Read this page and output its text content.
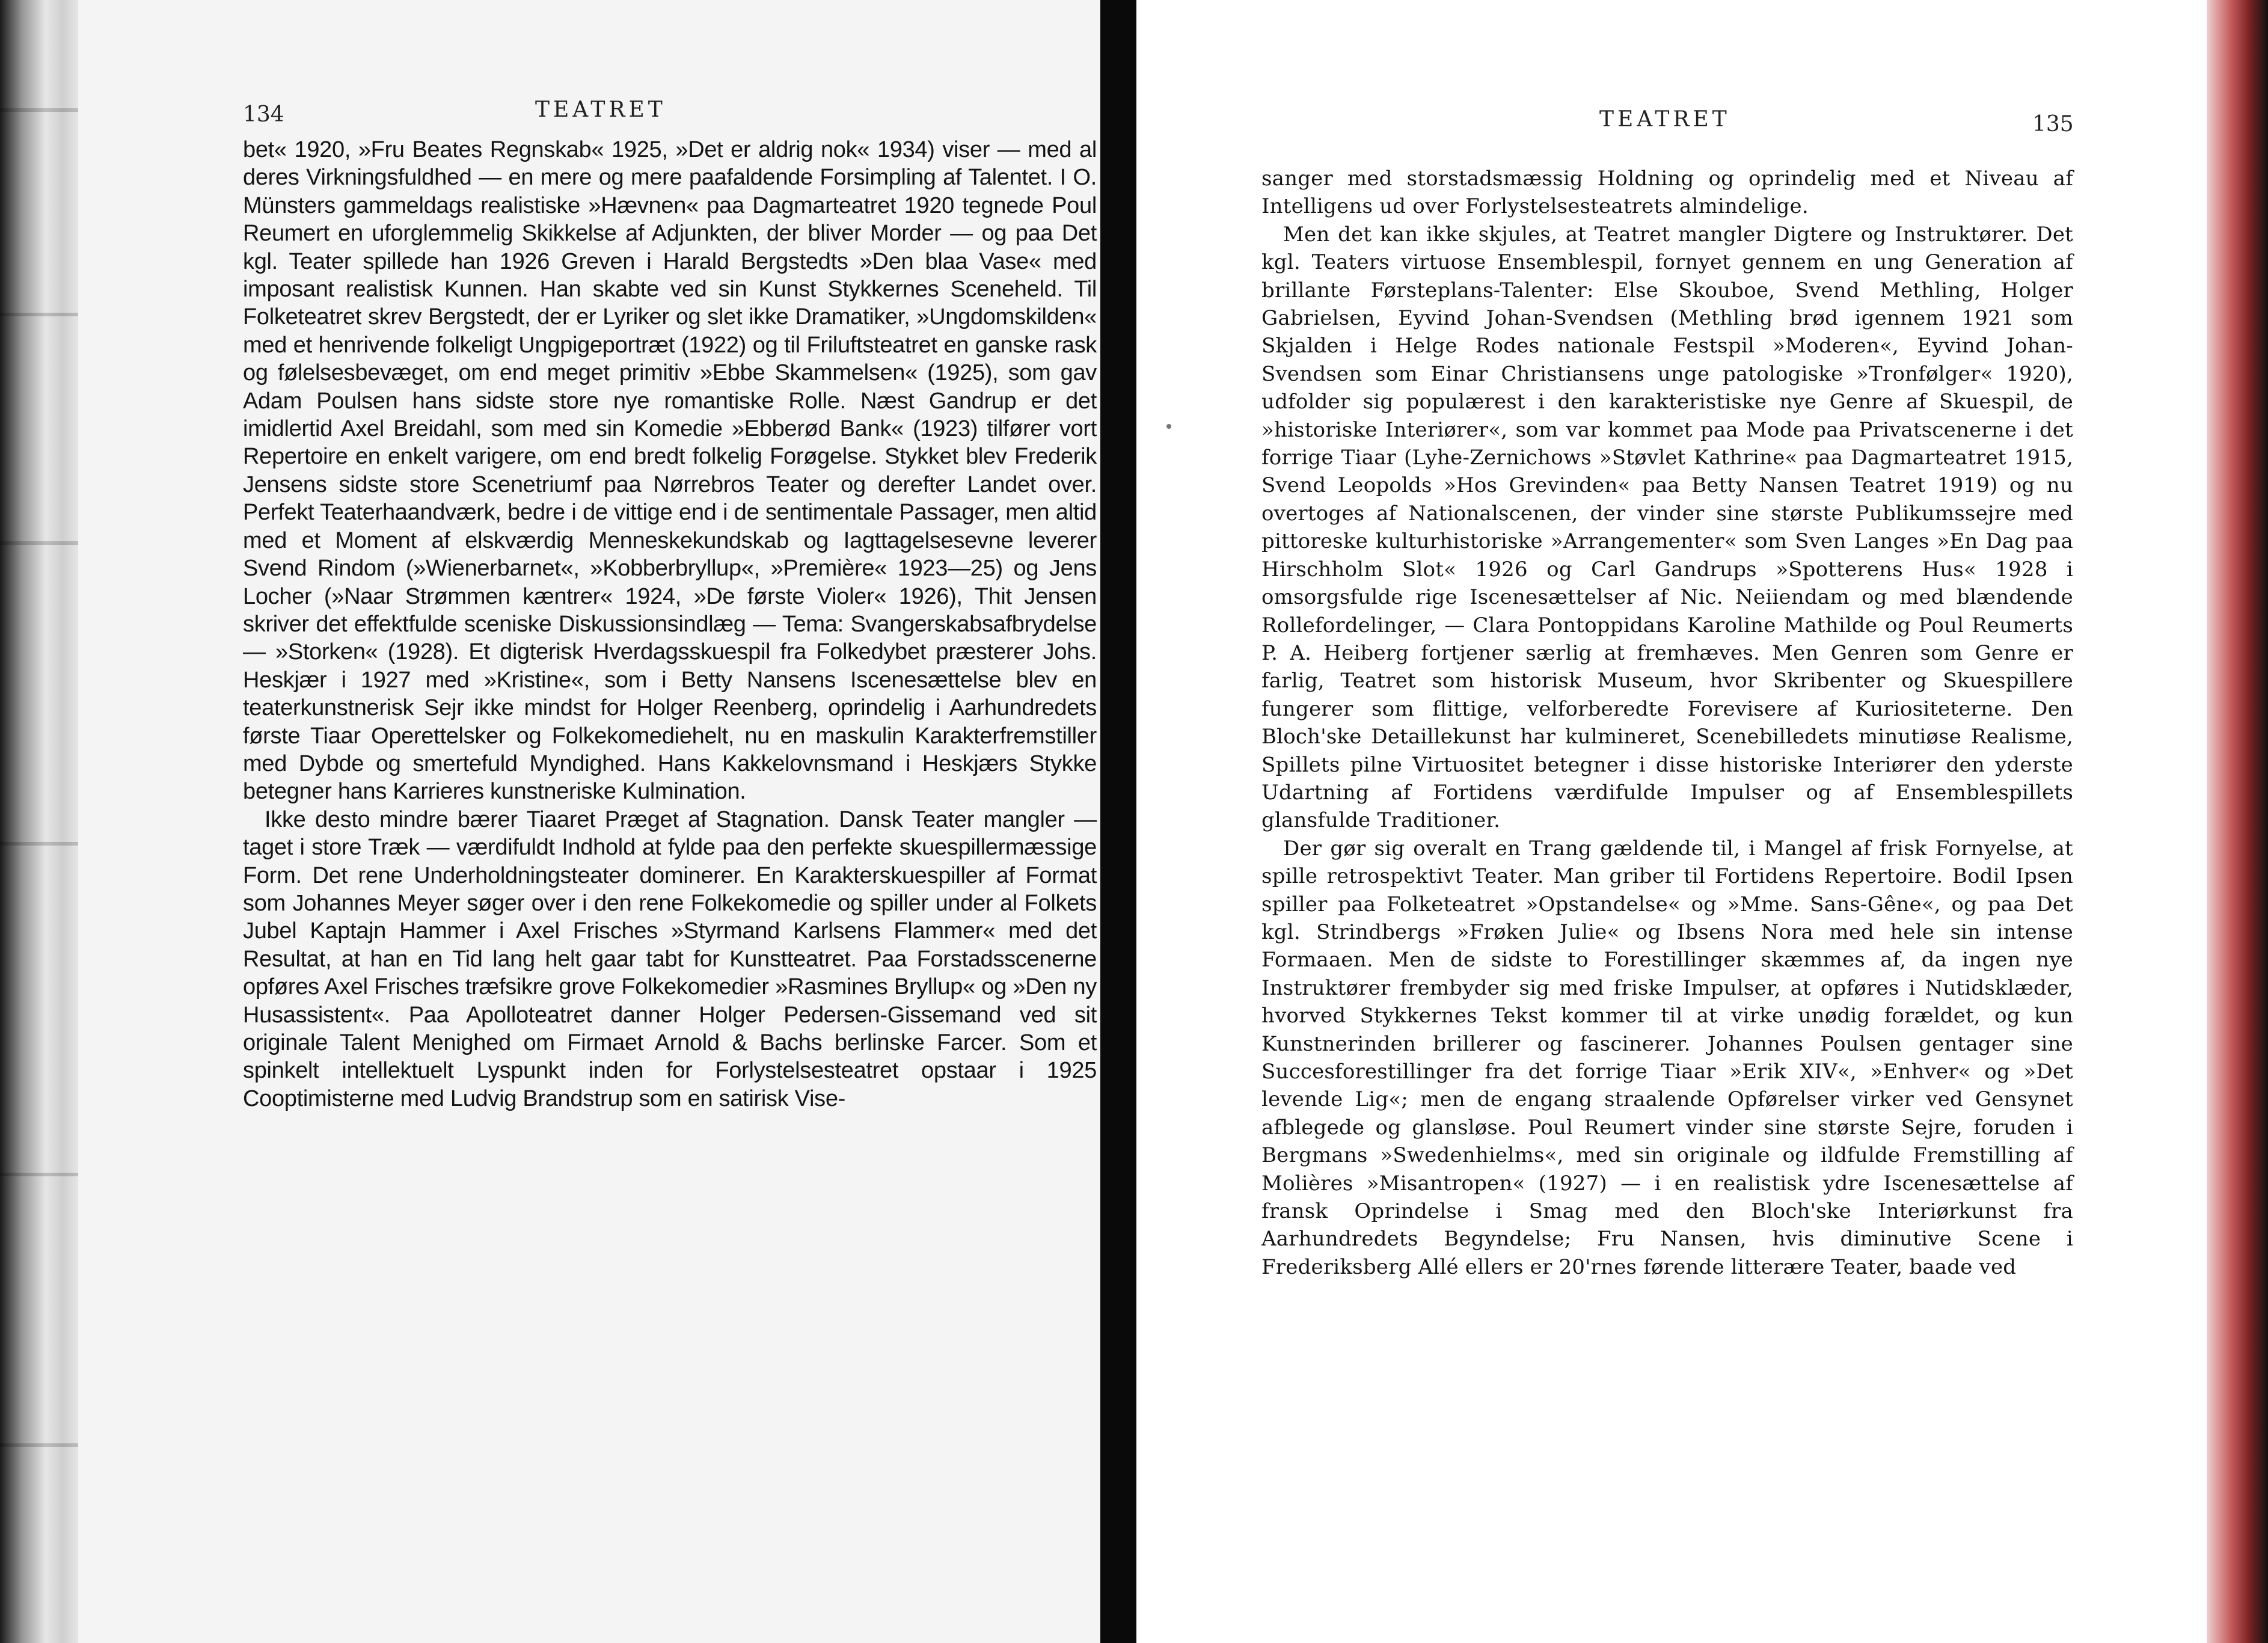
134	TEATRET

bet« 1920, »Fru Beates Regnskab« 1925, »Det er aldrig nok« 1934) viser — med al deres Virkningsfuldhed — en mere og mere paafaldende Forsimpling af Talentet. I O. Münsters gammeldags realistiske »Hævnen« paa Dagmarteatret 1920 tegnede Poul Reumert en uforglemmelig Skikkelse af Adjunkten, der bliver Morder — og paa Det kgl. Teater spillede han 1926 Greven i Harald Bergstedts »Den blaa Vase« med imposant realistisk Kunnen. Han skabte ved sin Kunst Stykkernes Sceneheld. Til Folketeatret skrev Bergstedt, der er Lyriker og slet ikke Dramatiker, »Ungdomskilden« med et henrivende folkeligt Ungpigeportræt (1922) og til Friluftsteatret en ganske rask og følelsesbevæget, om end meget primitiv »Ebbe Skammelsen« (1925), som gav Adam Poulsen hans sidste store nye romantiske Rolle. Næst Gandrup er det imidlertid Axel Breidahl, som med sin Komedie »Ebberød Bank« (1923) tilfører vort Repertoire en enkelt varigere, om end bredt folkelig Forøgelse. Stykket blev Frederik Jensens sidste store Scenetriumf paa Nørrebros Teater og derefter Landet over. Perfekt Teaterhaandværk, bedre i de vittige end i de sentimentale Passager, men altid med et Moment af elskværdig Menneskekundskab og Iagttagelsesevne leverer Svend Rindom (»Wienerbarnet«, »Kobberbryllup«, »Première« 1923—25) og Jens Locher (»Naar Strømmen kæntrer« 1924, »De første Violer« 1926), Thit Jensen skriver det effektfulde sceniske Diskussionsindlæg — Tema: Svangerskabsafbrydelse — »Storken« (1928). Et digterisk Hverdagsskuespil fra Folkedybet præsterer Johs. Heskjær i 1927 med »Kristine«, som i Betty Nansens Iscenesættelse blev en teaterkunstnerisk Sejr ikke mindst for Holger Reenberg, oprindelig i Aarhundredets første Tiaar Operettelsker og Folkekomediehelt, nu en maskulin Karakterfremstiller med Dybde og smertefuld Myndighed. Hans Kakkelovnsmand i Heskjærs Stykke betegner hans Karrieres kunstneriske Kulmination.

Ikke desto mindre bærer Tiaaret Præget af Stagnation. Dansk Teater mangler — taget i store Træk — værdifuldt Indhold at fylde paa den perfekte skuespillermæssige Form. Det rene Underholdningsteater dominerer. En Karakterskuespiller af Format som Johannes Meyer søger over i den rene Folkekomedie og spiller under al Folkets Jubel Kaptajn Hammer i Axel Frisches »Styrmand Karlsens Flammer« med det Resultat, at han en Tid lang helt gaar tabt for Kunstteatret. Paa Forstadsscenerne opføres Axel Frisches træfsikre grove Folkekomedier »Rasmines Bryllup« og »Den ny Husassistent«. Paa Apolloteatret danner Holger Pedersen-Gissemand ved sit originale Talent Menighed om Firmaet Arnold & Bachs berlinske Farcer. Som et spinkelt intellektuelt Lyspunkt inden for Forlystelsesteatret opstaar i 1925 Cooptimisterne med Ludvig Brandstrup som en satirisk Vise-

TEATRET	135

sanger med storstadsmæssig Holdning og oprindelig med et Niveau af Intelligens ud over Forlystelsesteatrets almindelige.

Men det kan ikke skjules, at Teatret mangler Digtere og Instruktører. Det kgl. Teaters virtuose Ensemblespil, fornyet gennem en ung Generation af brillante Førsteplans-Talenter: Else Skouboe, Svend Methling, Holger Gabrielsen, Eyvind Johan-Svendsen (Methling brød igennem 1921 som Skjalden i Helge Rodes nationale Festspil »Moderen«, Eyvind Johan-Svendsen som Einar Christiansens unge patologiske »Tronfølger« 1920), udfolder sig populærest i den karakteristiske nye Genre af Skuespil, de »historiske Interiører«, som var kommet paa Mode paa Privatscenerne i det forrige Tiaar (Lyhe-Zernichows »Støvlet Kathrine« paa Dagmarteatret 1915, Svend Leopolds »Hos Grevinden« paa Betty Nansen Teatret 1919) og nu overtoges af Nationalscenen, der vinder sine største Publikumssejre med pittoreske kulturhistoriske »Arrangementer« som Sven Langes »En Dag paa Hirschholm Slot« 1926 og Carl Gandrups »Spotterens Hus« 1928 i omsorgsfulde rige Iscenesættelser af Nic. Neiiendam og med blændende Rollefordelinger, — Clara Pontoppidans Karoline Mathilde og Poul Reumerts P. A. Heiberg fortjener særlig at fremhæves. Men Genren som Genre er farlig, Teatret som historisk Museum, hvor Skribenter og Skuespillere fungerer som flittige, velforberedte Forevisere af Kuriositeterne. Den Bloch'ske Detaillekunst har kulmineret, Scenebilledets minutiøse Realisme, Spillets pilne Virtuositet betegner i disse historiske Interiører den yderste Udartning af Fortidens værdifulde Impulser og af Ensemblespillets glansfulde Traditioner.

Der gør sig overalt en Trang gældende til, i Mangel af frisk Fornyelse, at spille retrospektivt Teater. Man griber til Fortidens Repertoire. Bodil Ipsen spiller paa Folketeatret »Opstandelse« og »Mme. Sans-Gêne«, og paa Det kgl. Strindbergs »Frøken Julie« og Ibsens Nora med hele sin intense Formaaen. Men de sidste to Forestillinger skæmmes af, da ingen nye Instruktører frembyder sig med friske Impulser, at opføres i Nutidsklæder, hvorved Stykkernes Tekst kommer til at virke unødig forældet, og kun Kunstnerinden brillerer og fascinerer. Johannes Poulsen gentager sine Succesforestillinger fra det forrige Tiaar »Erik XIV«, »Enhver« og »Det levende Lig«; men de engang straalende Opførelser virker ved Gensynet afblegede og glansløse. Poul Reumert vinder sine største Sejre, foruden i Bergmans »Swedenhielms«, med sin originale og ildfulde Fremstilling af Molières »Misantropen« (1927) — i en realistisk ydre Iscenesættelse af fransk Oprindelse i Smag med den Bloch'ske Interiørkunst fra Aarhundredets Begyndelse; Fru Nansen, hvis diminutive Scene i Frederiksberg Allé ellers er 20'rnes førende litterære Teater, baade ved
